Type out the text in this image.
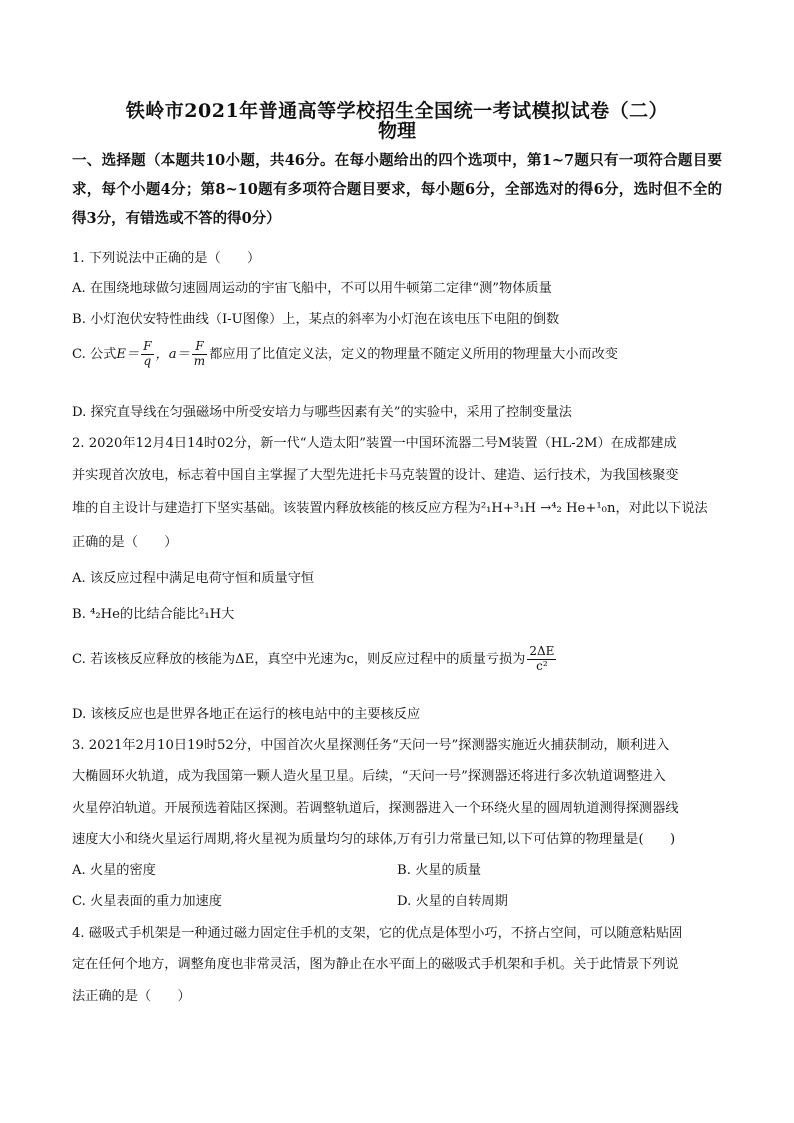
铁岭市2021年普通高等学校招生全国统一考试模拟试卷（二）
物理
一、选择题（本题共10小题，共46分。在每小题给出的四个选项中，第1~7题只有一项符合题目要求，每个小题4分；第8~10题有多项符合题目要求，每小题6分，全部选对的得6分，选时但不全的得3分，有错选或不答的得0分）
1. 下列说法中正确的是（　　）
A. 在围绕地球做匀速圆周运动的宇宙飞船中，不可以用牛顿第二定律“测”物体质量
B. 小灯泡伏安特性曲线（I-U图像）上，某点的斜率为小灯泡在该电压下电阻的倒数
C. 公式$E= \frac{F}{q}$ ，$a= \frac{F}{m}$ 都应用了比值定义法，定义的物理量不随定义所用的物理量大小而改变
D. 探究直导线在匀强磁场中所受安培力与哪些因素有关”的实验中，采用了控制变量法
2. 2020年12月4日14时02分，新一代“人造太阳”装置一中国环流器二号M装置（HL-2M）在成都建成
并实现首次放电，标志着中国自主掌握了大型先进托卡马克装置的设计、建造、运行技术，为我国核聚变
堆的自主设计与建造打下坚实基础。该装置内释放核能的核反应方程为²₁H+³₁H →⁴₂ He+¹₀n，对此以下说法
正确的是（　　）
A. 该反应过程中满足电荷守恒和质量守恒
B. ⁴₂He的比结合能比²₁H大
C. 若该核反应释放的核能为ΔE，真空中光速为c，则反应过程中的质量亏损为 $\frac{2\Delta E}{\text{c²}}$
D. 该核反应也是世界各地正在运行的核电站中的主要核反应
3. 2021年2月10日19时52分，中国首次火星探测任务“天问一号”探测器实施近火捕获制动，顺利进入
大椭圆环火轨道，成为我国第一颗人造火星卫星。后续，“天问一号”探测器还将进行多次轨道调整进入
火星停泊轨道。开展预选着陆区探测。若调整轨道后，探测器进入一个环绕火星的圆周轨道测得探测器线
速度大小和绕火星运行周期,将火星视为质量均匀的球体,万有引力常量已知,以下可估算的物理量是(　　)
A. 火星的密度	B. 火星的质量
C. 火星表面的重力加速度	D. 火星的自转周期
4. 磁吸式手机架是一种通过磁力固定住手机的支架，它的优点是体型小巧，不挤占空间，可以随意粘贴固
定在任何个地方，调整角度也非常灵活，图为静止在水平面上的磁吸式手机架和手机。关于此情景下列说
法正确的是（　　）
